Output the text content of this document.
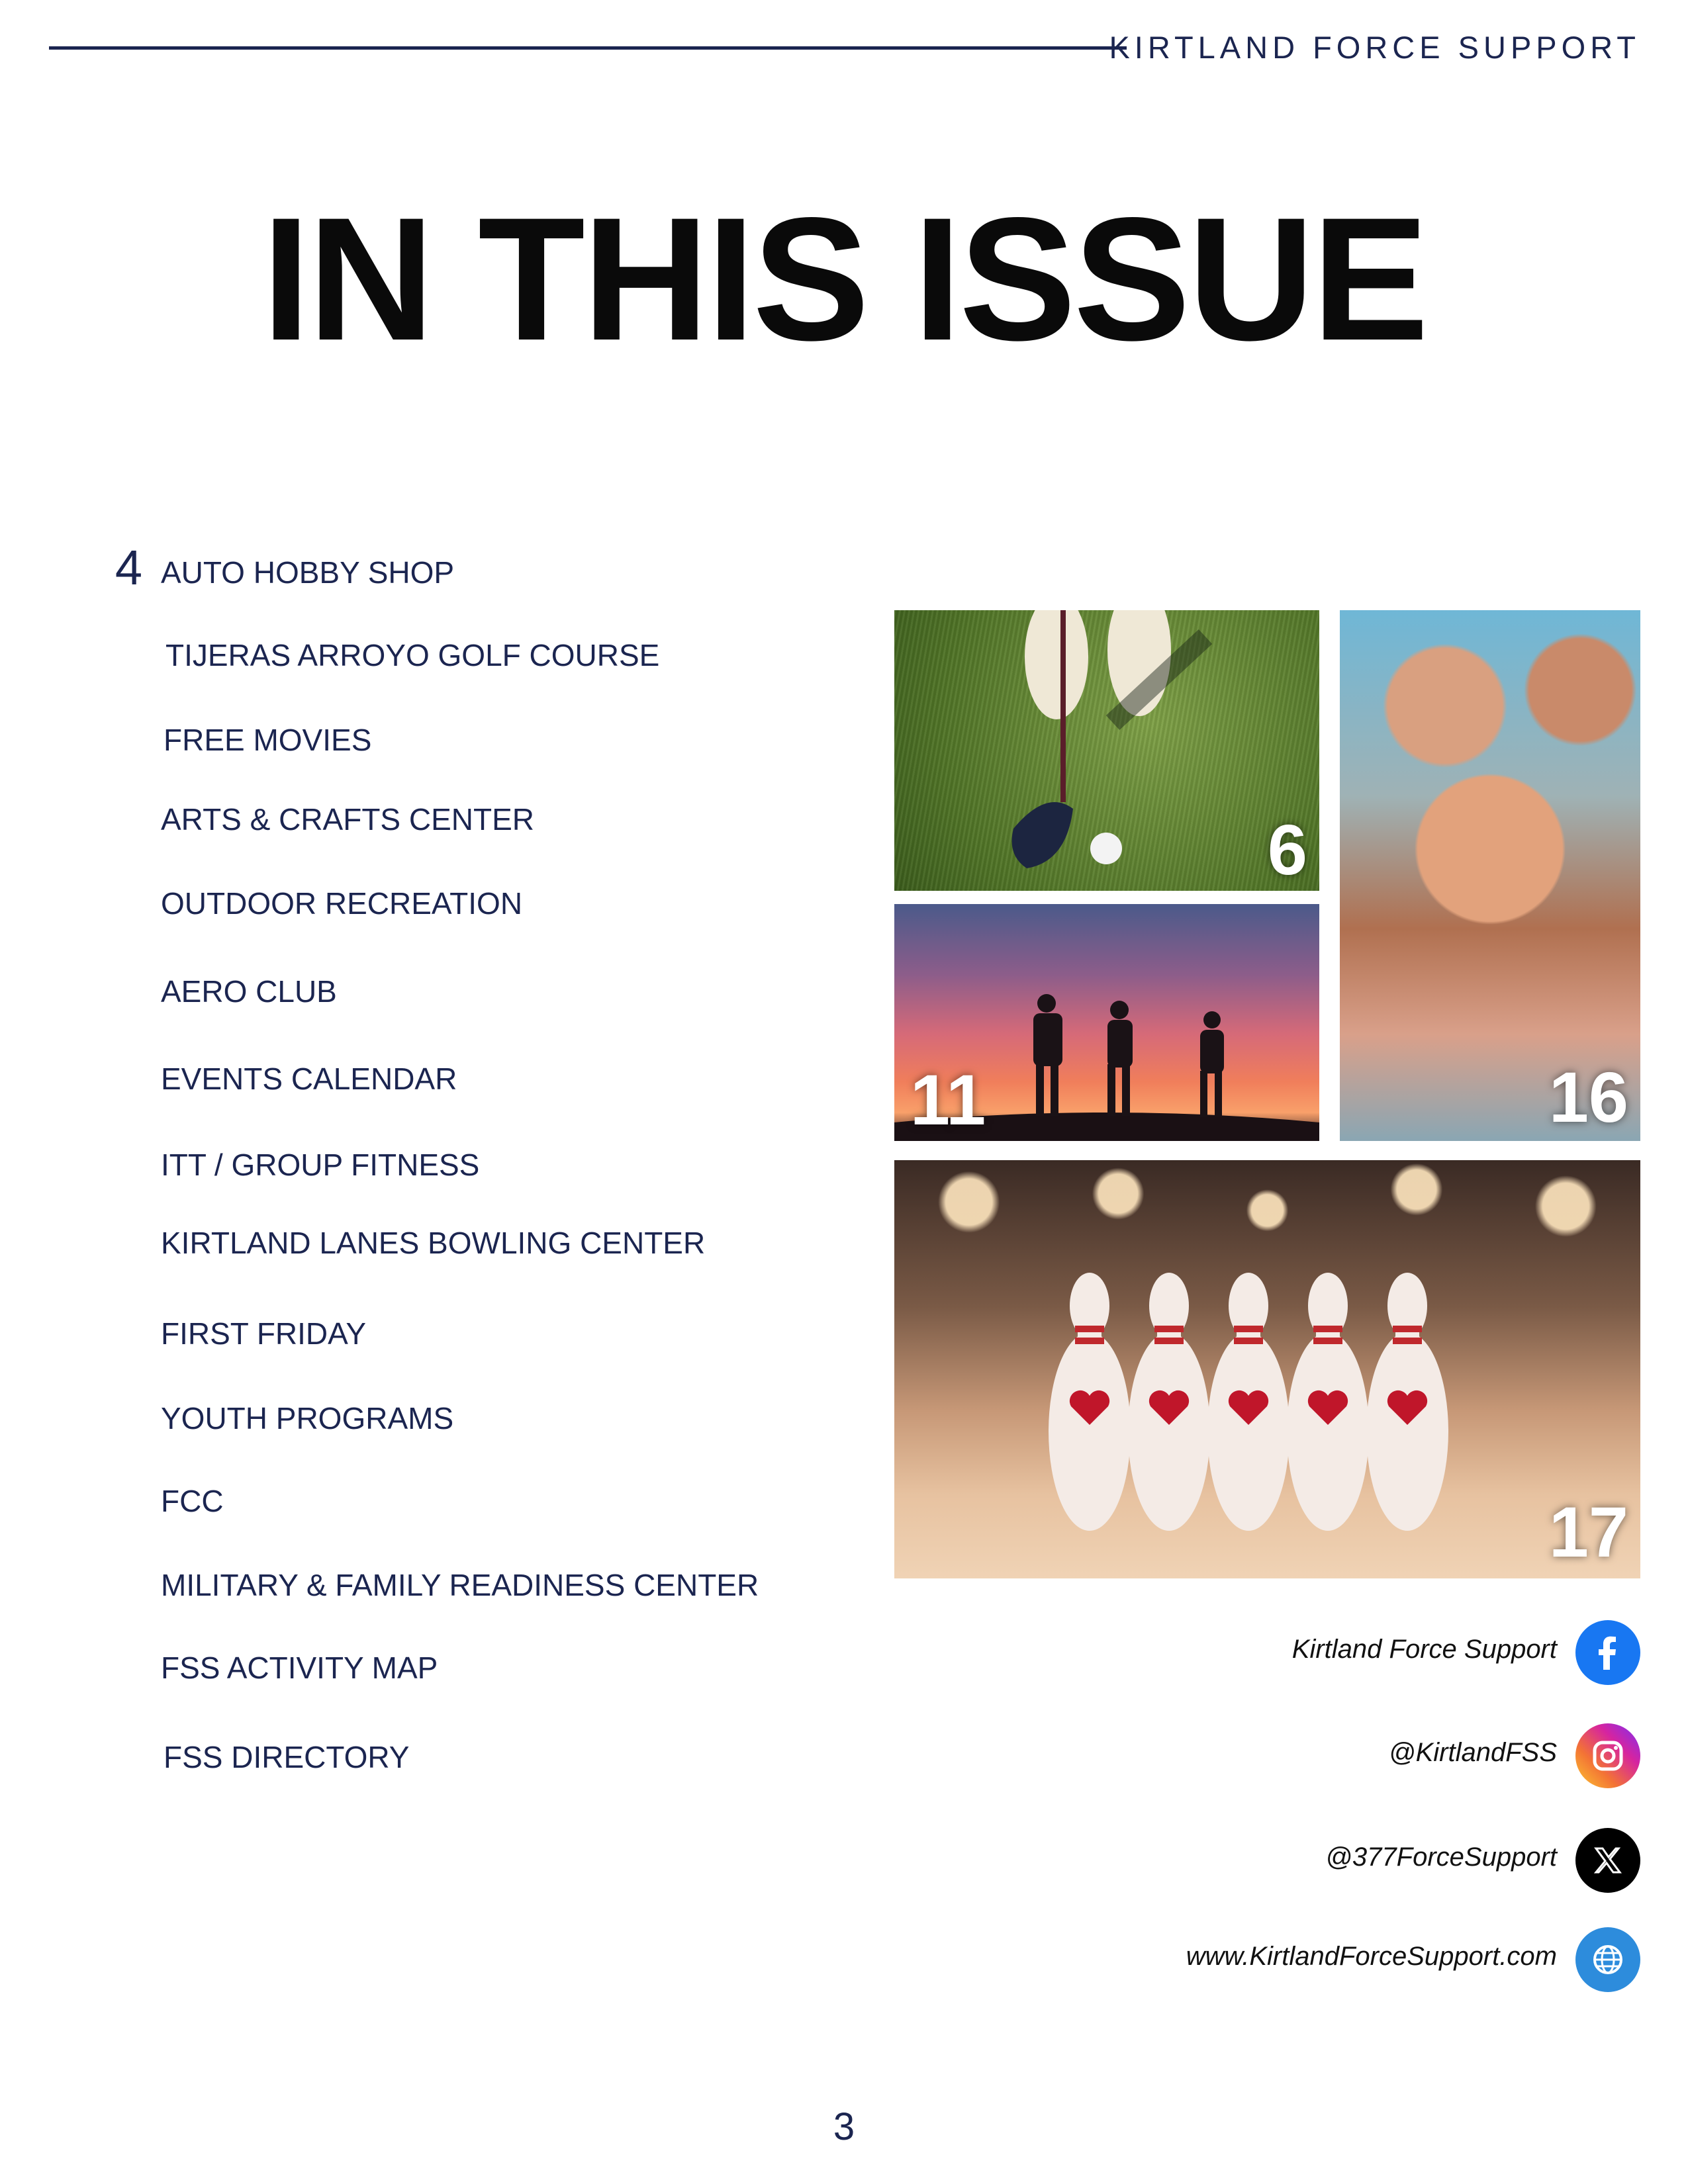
KIRTLAND FORCE SUPPORT
IN THIS ISSUE
4 AUTO HOBBY SHOP
TIJERAS ARROYO GOLF COURSE
FREE MOVIES
ARTS & CRAFTS CENTER
OUTDOOR RECREATION
AERO CLUB
EVENTS CALENDAR
ITT / GROUP FITNESS
KIRTLAND LANES BOWLING CENTER
FIRST FRIDAY
YOUTH PROGRAMS
FCC
MILITARY & FAMILY READINESS CENTER
FSS ACTIVITY MAP
FSS DIRECTORY
6
11	16
17
Kirtland Force Support
@KirtlandFSS
@377ForceSupport
www.KirtlandForceSupport.com
3
